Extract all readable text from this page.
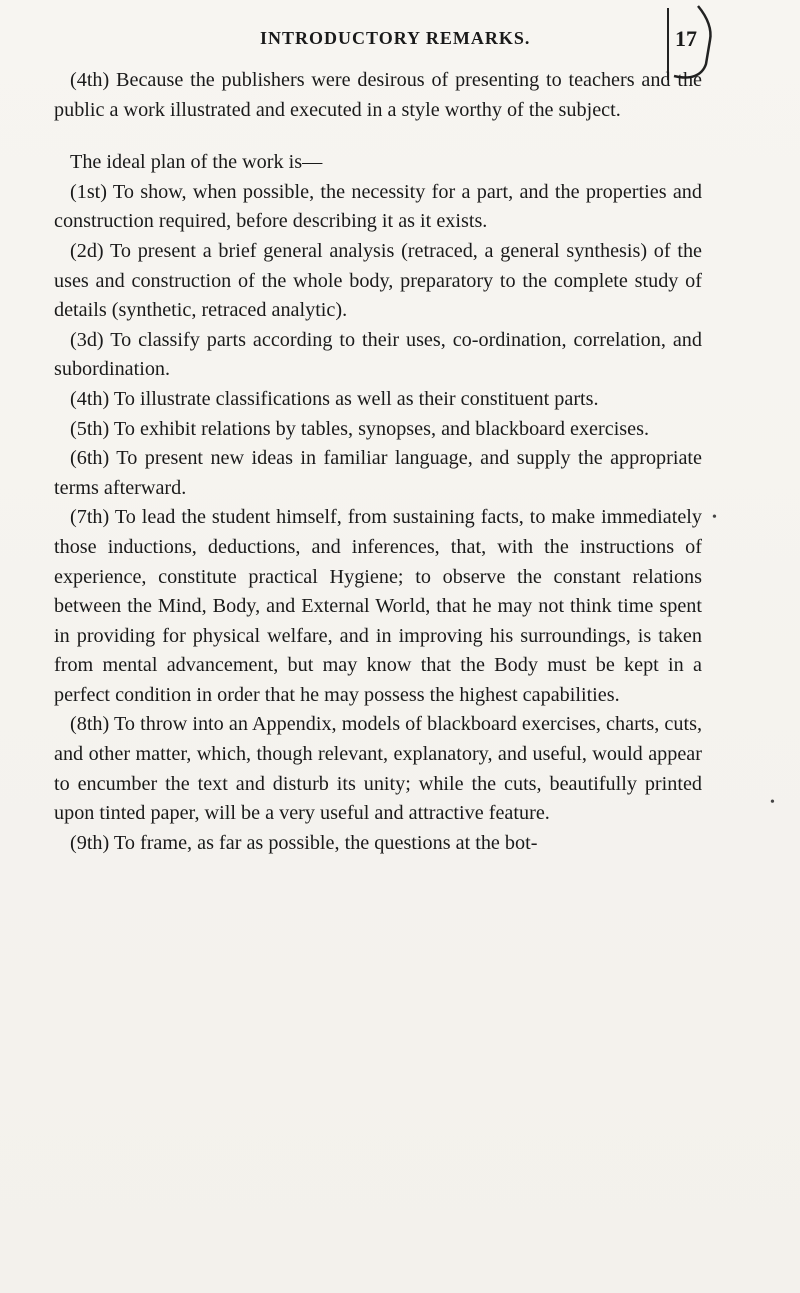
INTRODUCTORY REMARKS.	17

(4th) Because the publishers were desirous of presenting to teachers and the public a work illustrated and executed in a style worthy of the subject.

The ideal plan of the work is—

(1st) To show, when possible, the necessity for a part, and the properties and construction required, before describing it as it exists.

(2d) To present a brief general analysis (retraced, a general synthesis) of the uses and construction of the whole body, preparatory to the complete study of details (synthetic, retraced analytic).

(3d) To classify parts according to their uses, co-ordination, correlation, and subordination.

(4th) To illustrate classifications as well as their constituent parts.

(5th) To exhibit relations by tables, synopses, and blackboard exercises.

(6th) To present new ideas in familiar language, and supply the appropriate terms afterward.

(7th) To lead the student himself, from sustaining facts, to make immediately those inductions, deductions, and inferences, that, with the instructions of experience, constitute practical Hygiene; to observe the constant relations between the Mind, Body, and External World, that he may not think time spent in providing for physical welfare, and in improving his surroundings, is taken from mental advancement, but may know that the Body must be kept in a perfect condition in order that he may possess the highest capabilities.

(8th) To throw into an Appendix, models of blackboard exercises, charts, cuts, and other matter, which, though relevant, explanatory, and useful, would appear to encumber the text and disturb its unity; while the cuts, beautifully printed upon tinted paper, will be a very useful and attractive feature.

(9th) To frame, as far as possible, the questions at the bot-

•
•
